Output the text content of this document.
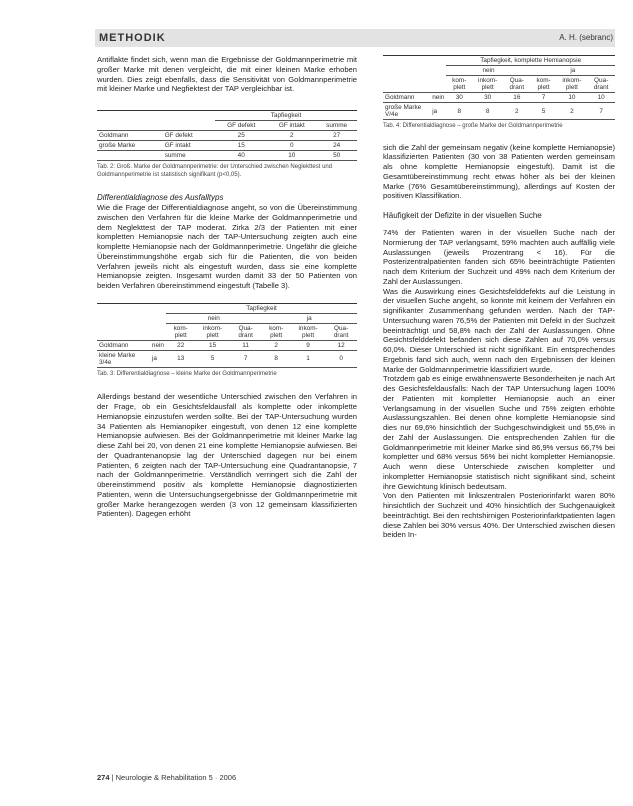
METHODIK	A. H. (sebranc)

Antiflakte findet sich, wenn man die Ergebnisse der Goldmannperimetrie mit großer Marke mit denen vergleicht, die mit einer kleinen Marke erhoben wurden. Dies zeigt ebenfalls, dass die Sensitivität von Goldmannperimetrie mit kleiner Marke und Negfiektest der TAP vergleichbar ist.

		Tapfiegkeit		
		GF defekt	GF intakt	summe
Goldmann	GF defekt	25	2	27
große Marke	GF intakt	15	0	24
	summe	40	10	50

Tab. 2: Groß. Marke der Goldmannperimetrie: der Unterschied zwischen Neglekttest und Goldmannperimetrie ist statistisch signifikant (p<0,05).

Differentialdiagnose des Ausfalltyps

Wie die Frage der Differentialdiagnose angeht, so von die Übereinstimmung zwischen den Verfahren für die kleine Marke der Goldmannperimetrie und dem Neglekttest der TAP moderat. Zirka 2/3 der Patienten mit einer kompletten Hemianopsie nach der TAP-Untersuchung zeigten auch eine komplette Hemianopsie nach der Goldmannperimetrie. Ungefähr die gleiche Übereinstimmungshöhe ergab sich für die Patienten, die von beiden Verfahren jeweils nicht als eingestuft wurden, dass sie eine komplette Hemianopsie zeigten. Insgesamt wurden damit 33 der 50 Patienten von beiden Verfahren übereinstimmend eingestuft (Tabelle 3).

		Tapfiegkeit					
		nein			ja		
		kom-plett	inkom-plett	Qua-drant	kom-plett	inkom-plett	Qua-drant
Goldmann	nein	22	15	11	2	9	12
kleine Marke 3/4e	ja	13	5	7	8	1	0

Tab. 3: Differentialdiagnose – kleine Marke der Goldmannperimetrie

Allerdings bestand der wesentliche Unterschied zwischen den Verfahren in der Frage, ob ein Gesichtsfeldausfall als komplette oder inkomplette Hemianopsie einzustufen werden sollte. Bei der TAP-Untersuchung wurden 34 Patienten als Hemianopiker eingestuft, von denen 12 eine komplette Hemianopsie aufwiesen. Bei der Goldmannperimetrie mit kleiner Marke lag diese Zahl bei 20, von denen 21 eine komplette Hemianopsie aufwiesen. Bei der Quadrantenanopsie lag der Unterschied dagegen nur bei einem Patienten, 6 zeigten nach der TAP-Untersuchung eine Quadrantanopsie, 7 nach der Goldmannperimetrie. Verständlich verringert sich die Zahl der übereinstimmend positiv als komplette Hemianopsie diagnostizierten Patienten, wenn die Untersuchungsergebnisse der Goldmannperimetrie mit großer Marke herangezogen werden (3 von 12 gemeinsam klassifizierten Patienten). Dagegen erhöht

		Tapfiegkeit, komplette Hemianopsie					
		nein			ja		
		kom-plett	inkom-plett	Qua-drant	kom-plett	inkom-plett	Qua-drant
Goldmann	nein	30	30	16	7	10	10
große Marke V/4e	ja	8	8	2	5	2	7

Tab. 4: Differentialdiagnose – große Marke der Goldmannperimetrie

sich die Zahl der gemeinsam negativ (keine komplette Hemianopsie) klassifizierten Patienten (30 von 38 Patienten werden gemeinsam als ohne komplette Hemianopsie eingestuft). Damit ist die Gesamtübereinstimmung recht etwas höher als bei der kleinen Marke (76% Gesamtübereinstimmung), allerdings auf Kosten der positiven Klassifikation.

Häufigkeit der Defizite in der visuellen Suche

74% der Patienten waren in der visuellen Suche nach der Normierung der TAP verlangsamt, 59% machten auch auffällig viele Auslassungen (jeweils Prozentrang < 16). Für die Posterizentralpatienten fanden sich 65% beeinträchtigte Patienten nach dem Kriterium der Suchzeit und 49% nach dem Kriterium der Zahl der Auslassungen.

Was die Auswirkung eines Gesichtsfelddefekts auf die Leistung in der visuellen Suche angeht, so konnte mit keinem der Verfahren ein signifikanter Zusammenhang gefunden werden. Nach der TAP-Untersuchung waren 76,5% der Patienten mit Defekt in der Suchzeit beeinträchtigt und 58,8% nach der Zahl der Auslassungen. Ohne Gesichtsfelddefekt befanden sich diese Zahlen auf 70,0% versus 60,0%. Dieser Unterschied ist nicht signifikant. Ein entsprechendes Ergebnis fand sich auch, wenn nach den Ergebnissen der kleinen Marke der Goldmannperimetrie klassifiziert wurde.

Trotzdem gab es einige erwähnenswerte Besonderheiten je nach Art des Gesichtsfeldausfalls: Nach der TAP Untersuchung lagen 100% der Patienten mit kompletter Hemianopsie auch an einer Verlangsamung in der visuellen Suche und 75% zeigten erhöhte Auslassungszahlen. Bei denen ohne komplette Hemianopsie sind dies nur 69,6% hinsichtlich der Suchgeschwindigkeit und 55,6% in der Zahl der Auslassungen. Die entsprechenden Zahlen für die Goldmannperimetrie mit kleiner Marke sind 86,9% versus 66,7% bei kompletter und 68% versus 56% bei nicht kompletter Hemianopsie. Auch wenn diese Unterschiede zwischen kompletter und inkompletter Hemianopsie statistisch nicht signifikant sind, scheint ihre Gewichtung klinisch bedeutsam.

Von den Patienten mit linkszentralen Posteriorinfarkt waren 80% hinsichtlich der Suchzeit und 40% hinsichtlich der Suchgenauigkeit beeinträchtigt. Bei den rechtshirnigen Posteriorinfarktpatienten lagen diese Zahlen bei 30% versus 40%. Der Unterschied zwischen diesen beiden In-

274 | Neurologie & Rehabilitation 5 · 2006
